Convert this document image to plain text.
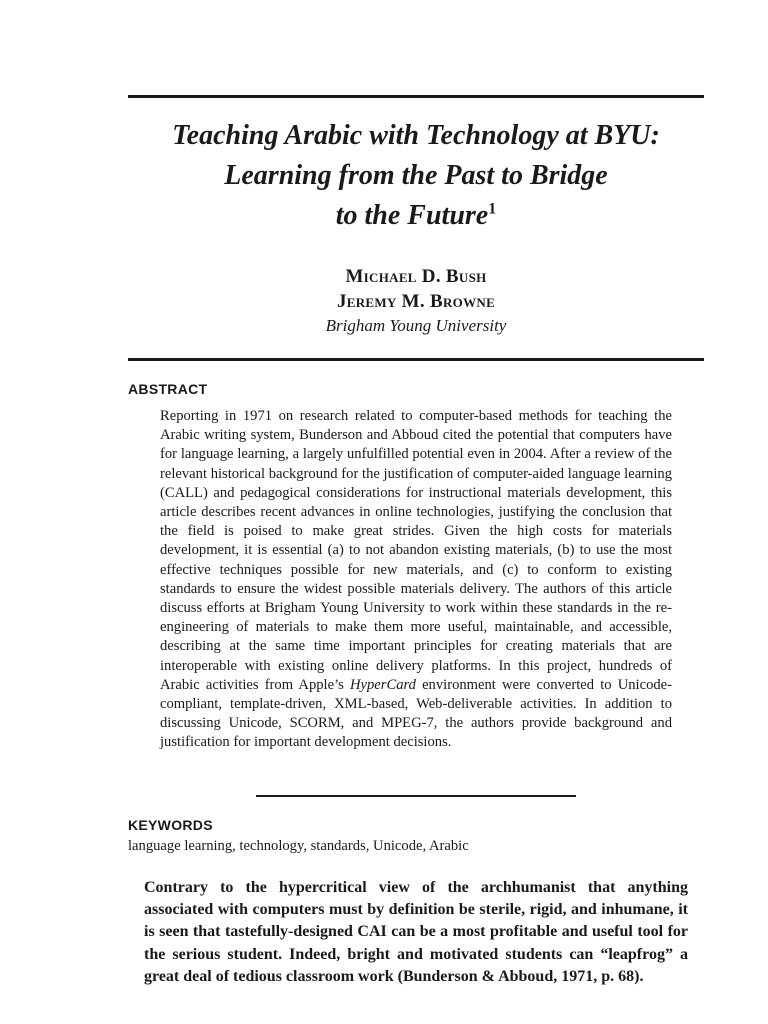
Teaching Arabic with Technology at BYU:
Learning from the Past to Bridge
to the Future$^1$
Michael D. Bush
Jeremy M. Browne
Brigham Young University
ABSTRACT

Reporting in 1971 on research related to computer-based methods for teaching the Arabic writing system, Bunderson and Abboud cited the potential that computers have for language learning, a largely unfulfilled potential even in 2004. After a review of the relevant historical background for the justification of computer-aided language learning (CALL) and pedagogical considerations for instructional materials development, this article describes recent advances in online technologies, justifying the conclusion that the field is poised to make great strides. Given the high costs for materials development, it is essential (a) to not abandon existing materials, (b) to use the most effective techniques possible for new materials, and (c) to conform to existing standards to ensure the widest possible materials delivery. The authors of this article discuss efforts at Brigham Young University to work within these standards in the re-engineering of materials to make them more useful, maintainable, and accessible, describing at the same time important principles for creating materials that are interoperable with existing online delivery platforms. In this project, hundreds of Arabic activities from Apple’s HyperCard environment were converted to Unicode-compliant, template-driven, XML-based, Web-deliverable activities. In addition to discussing Unicode, SCORM, and MPEG-7, the authors provide background and justification for important development decisions.

KEYWORDS

language learning, technology, standards, Unicode, Arabic

Contrary to the hypercritical view of the archhumanist that anything associated with computers must by definition be sterile, rigid, and inhumane, it is seen that tastefully-designed CAI can be a most profitable and useful tool for the serious student. Indeed, bright and motivated students can “leapfrog” a great deal of tedious classroom work (Bunderson & Abboud, 1971, p. 68).
